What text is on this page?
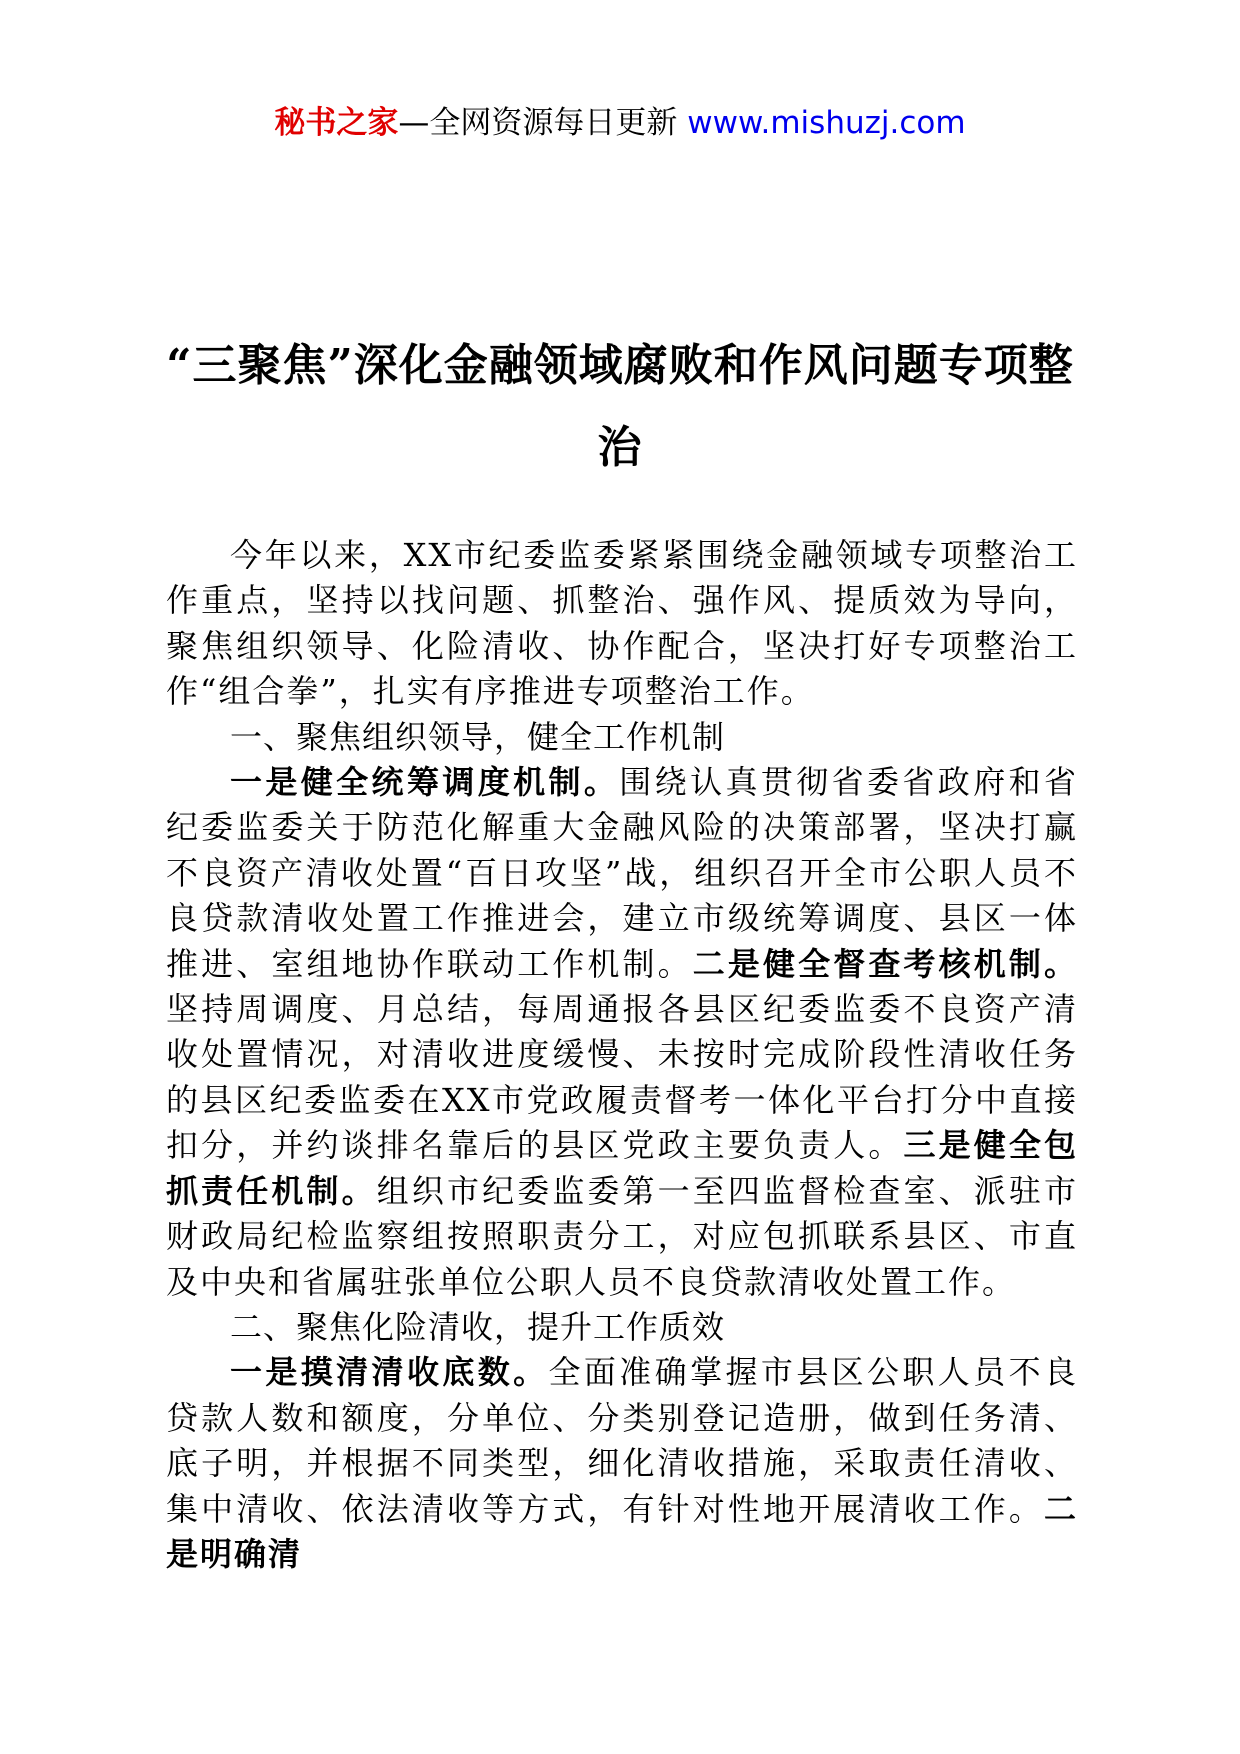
秘书之家—全网资源每日更新 www.mishuzj.com
“三聚焦”深化金融领域腐败和作风问题专项整治

今年以来，XX市纪委监委紧紧围绕金融领域专项整治工作重点，坚持以找问题、抓整治、强作风、提质效为导向，聚焦组织领导、化险清收、协作配合，坚决打好专项整治工作“组合拳”，扎实有序推进专项整治工作。

一、聚焦组织领导，健全工作机制

一是健全统筹调度机制。围绕认真贯彻省委省政府和省纪委监委关于防范化解重大金融风险的决策部署，坚决打赢不良资产清收处置“百日攻坚”战，组织召开全市公职人员不良贷款清收处置工作推进会，建立市级统筹调度、县区一体推进、室组地协作联动工作机制。二是健全督查考核机制。坚持周调度、月总结，每周通报各县区纪委监委不良资产清收处置情况，对清收进度缓慢、未按时完成阶段性清收任务的县区纪委监委在XX市党政履责督考一体化平台打分中直接扣分，并约谈排名靠后的县区党政主要负责人。三是健全包抓责任机制。组织市纪委监委第一至四监督检查室、派驻市财政局纪检监察组按照职责分工，对应包抓联系县区、市直及中央和省属驻张单位公职人员不良贷款清收处置工作。

二、聚焦化险清收，提升工作质效

一是摸清清收底数。全面准确掌握市县区公职人员不良贷款人数和额度，分单位、分类别登记造册，做到任务清、底子明，并根据不同类型，细化清收措施，采取责任清收、集中清收、依法清收等方式，有针对性地开展清收工作。二是明确清
